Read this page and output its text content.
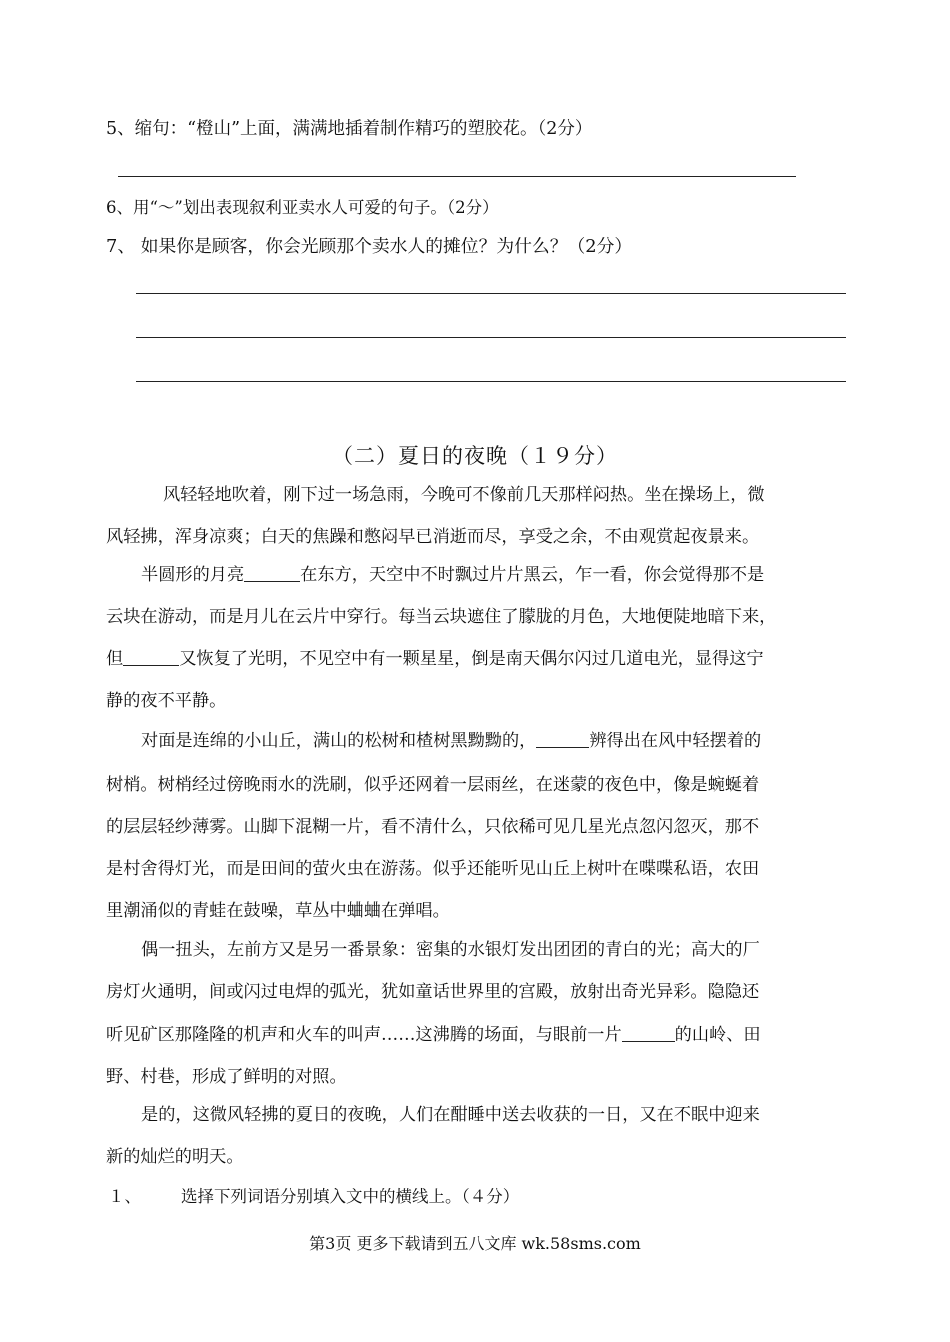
5、缩句：“橙山”上面，满满地插着制作精巧的塑胶花。（2分）
6、用“～”划出表现叙利亚卖水人可爱的句子。（2分）
7、 如果你是顾客，你会光顾那个卖水人的摊位？为什么？（2分）
（二）夏日的夜晚（１９分）
风轻轻地吹着，刚下过一场急雨，今晚可不像前几天那样闷热。坐在操场上，微
风轻拂，浑身凉爽；白天的焦躁和憋闷早已消逝而尽，享受之余，不由观赏起夜景来。
半圆形的月亮	在东方，天空中不时飘过片片黑云，乍一看，你会觉得那不是
云块在游动，而是月儿在云片中穿行。每当云块遮住了朦胧的月色，大地便陡地暗下来，
但	又恢复了光明，不见空中有一颗星星，倒是南天偶尔闪过几道电光，显得这宁
静的夜不平静。
对面是连绵的小山丘，满山的松树和楂树黑黝黝的，	辨得出在风中轻摆着的
树梢。树梢经过傍晚雨水的洗刷，似乎还网着一层雨丝，在迷蒙的夜色中，像是蜿蜒着
的层层轻纱薄雾。山脚下混糊一片，看不清什么，只依稀可见几星光点忽闪忽灭，那不
是村舍得灯光，而是田间的萤火虫在游荡。似乎还能听见山丘上树叶在喋喋私语，农田
里潮涌似的青蛙在鼓噪，草丛中蛐蛐在弹唱。
偶一扭头，左前方又是另一番景象：密集的水银灯发出团团的青白的光；高大的厂
房灯火通明，间或闪过电焊的弧光，犹如童话世界里的宫殿，放射出奇光异彩。隐隐还
听见矿区那隆隆的机声和火车的叫声……这沸腾的场面，与眼前一片	的山岭、田
野、村巷，形成了鲜明的对照。
是的，这微风轻拂的夏日的夜晚，人们在酣睡中送去收获的一日，又在不眠中迎来
新的灿烂的明天。
１、 选择下列词语分别填入文中的横线上。（４分）
第3页 更多下载请到五八文库 wk.58sms.com
